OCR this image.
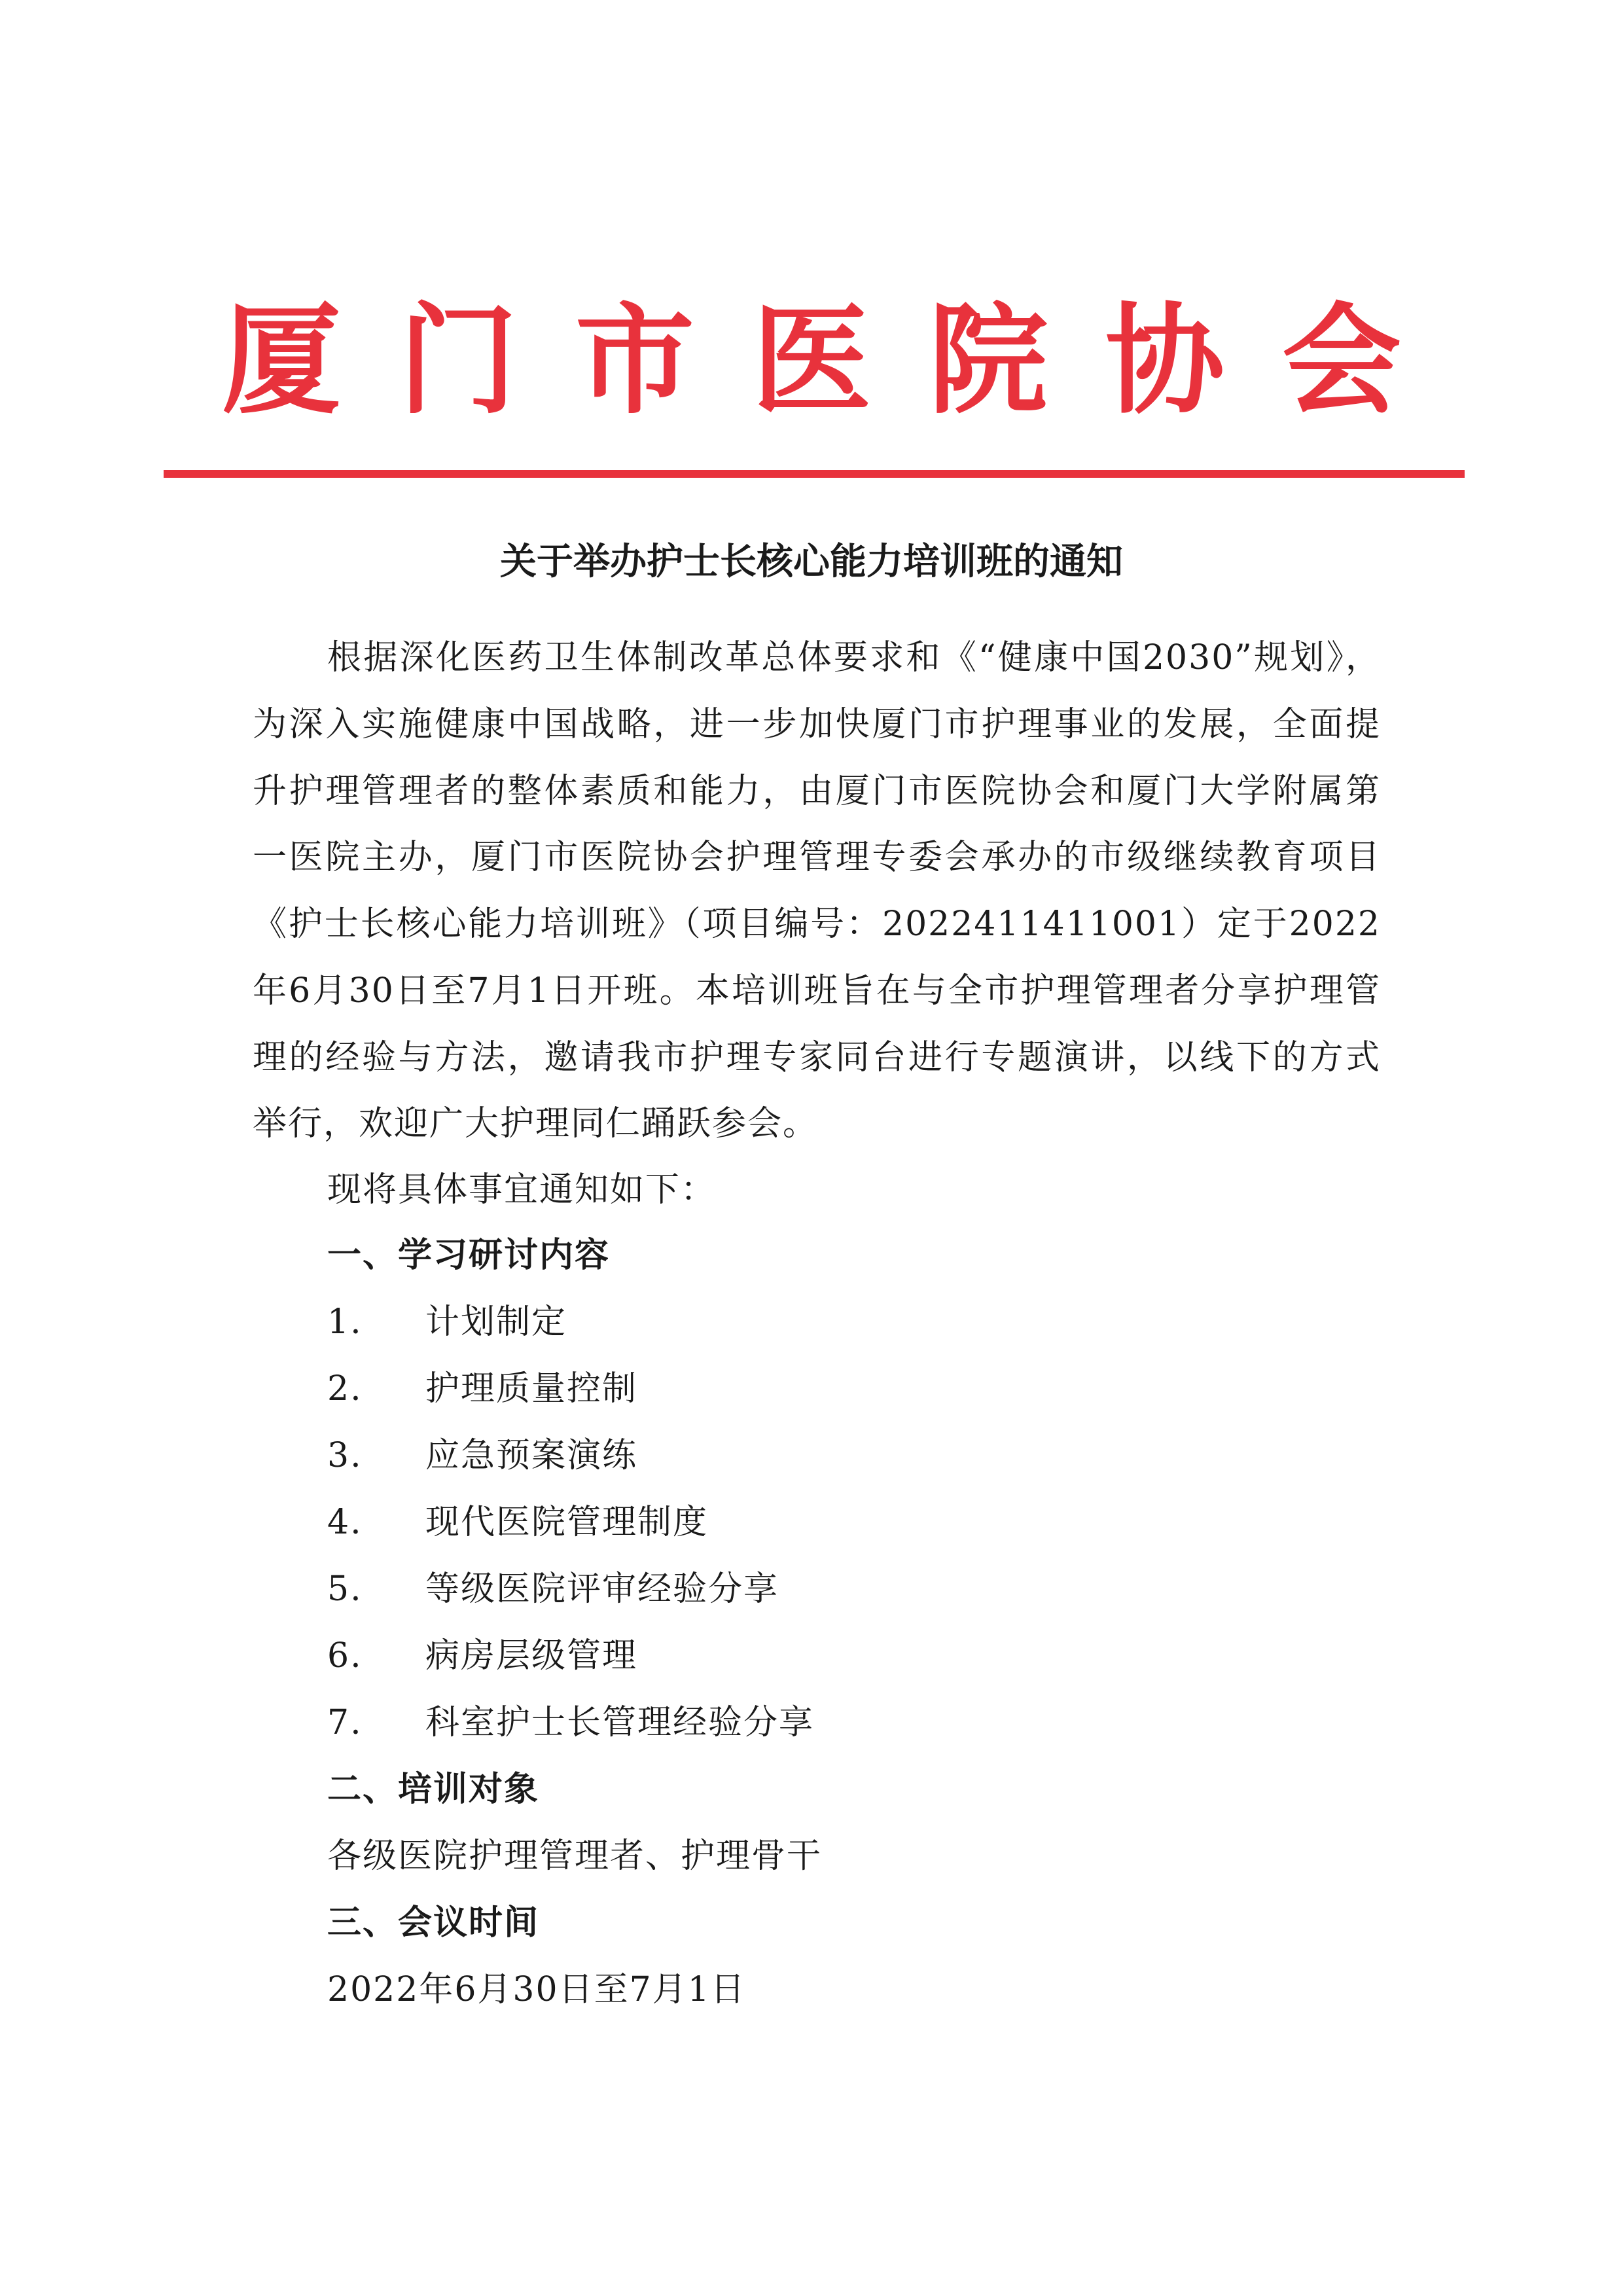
厦门市医院协会
关于举办护士长核心能力培训班的通知
根据深化医药卫生体制改革总体要求和《“健康中国2030”规划》，为深入实施健康中国战略，进一步加快厦门市护理事业的发展，全面提升护理管理者的整体素质和能力，由厦门市医院协会和厦门大学附属第一医院主办，厦门市医院协会护理管理专委会承办的市级继续教育项目《护士长核心能力培训班》（项目编号：2022411411001）定于2022年6月30日至7月1日开班。本培训班旨在与全市护理管理者分享护理管理的经验与方法，邀请我市护理专家同台进行专题演讲，以线下的方式举行，欢迎广大护理同仁踊跃参会。
现将具体事宜通知如下：
一、学习研讨内容
1. 计划制定
2. 护理质量控制
3. 应急预案演练
4. 现代医院管理制度
5. 等级医院评审经验分享
6. 病房层级管理
7. 科室护士长管理经验分享
二、培训对象
各级医院护理管理者、护理骨干
三、会议时间
2022年6月30日至7月1日
